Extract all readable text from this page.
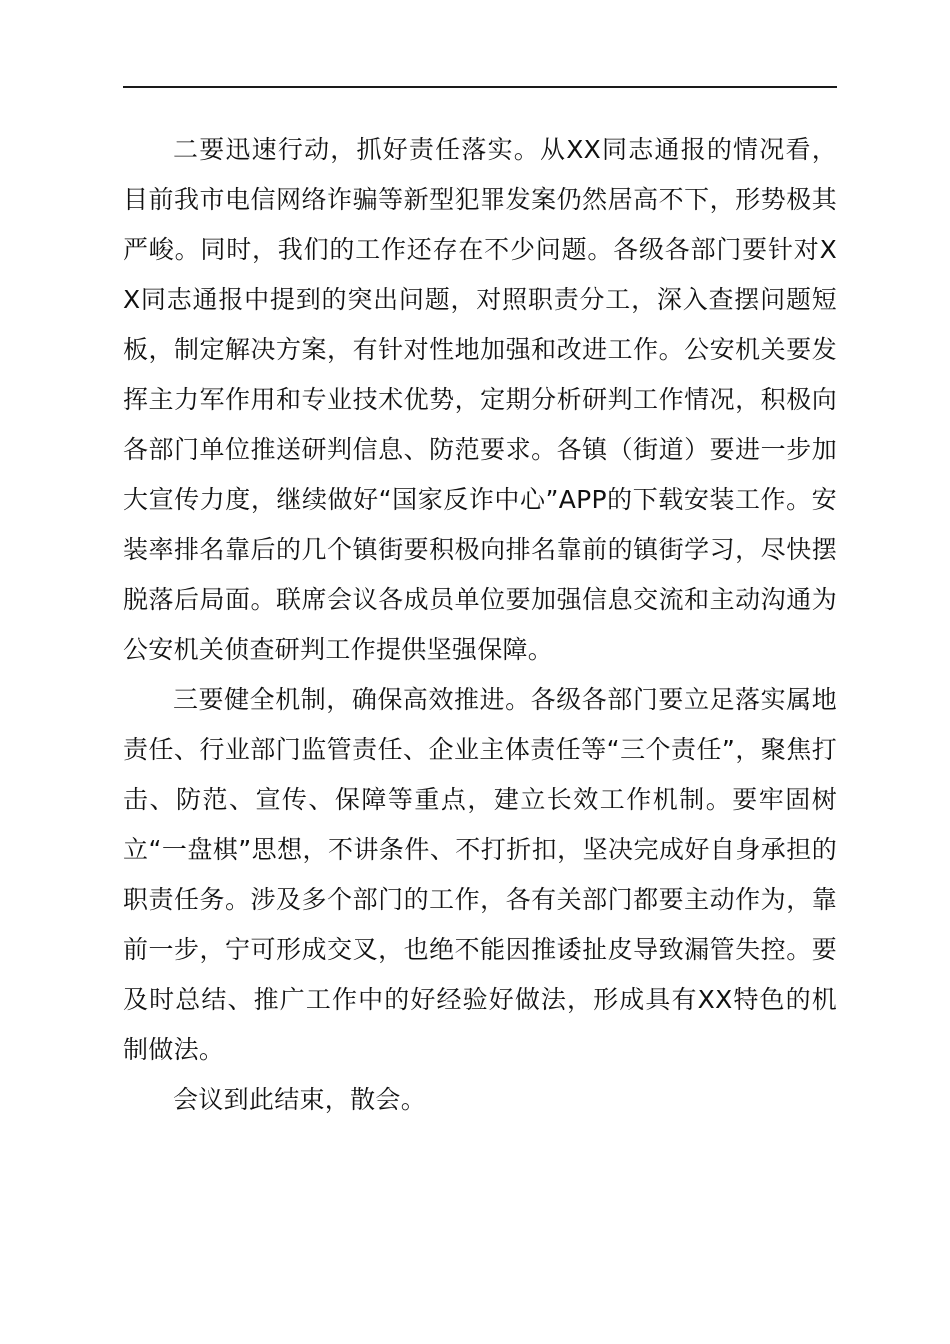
二要迅速行动，抓好责任落实。从XX同志通报的情况看，目前我市电信网络诈骗等新型犯罪发案仍然居高不下，形势极其严峻。同时，我们的工作还存在不少问题。各级各部门要针对XX同志通报中提到的突出问题，对照职责分工，深入查摆问题短板，制定解决方案，有针对性地加强和改进工作。公安机关要发挥主力军作用和专业技术优势，定期分析研判工作情况，积极向各部门单位推送研判信息、防范要求。各镇（街道）要进一步加大宣传力度，继续做好“国家反诈中心”APP的下载安装工作。安装率排名靠后的几个镇街要积极向排名靠前的镇街学习，尽快摆脱落后局面。联席会议各成员单位要加强信息交流和主动沟通为公安机关侦查研判工作提供坚强保障。

三要健全机制，确保高效推进。各级各部门要立足落实属地责任、行业部门监管责任、企业主体责任等“三个责任”，聚焦打击、防范、宣传、保障等重点，建立长效工作机制。要牢固树立“一盘棋”思想，不讲条件、不打折扣，坚决完成好自身承担的职责任务。涉及多个部门的工作，各有关部门都要主动作为，靠前一步，宁可形成交叉，也绝不能因推诿扯皮导致漏管失控。要及时总结、推广工作中的好经验好做法，形成具有XX特色的机制做法。

会议到此结束，散会。
